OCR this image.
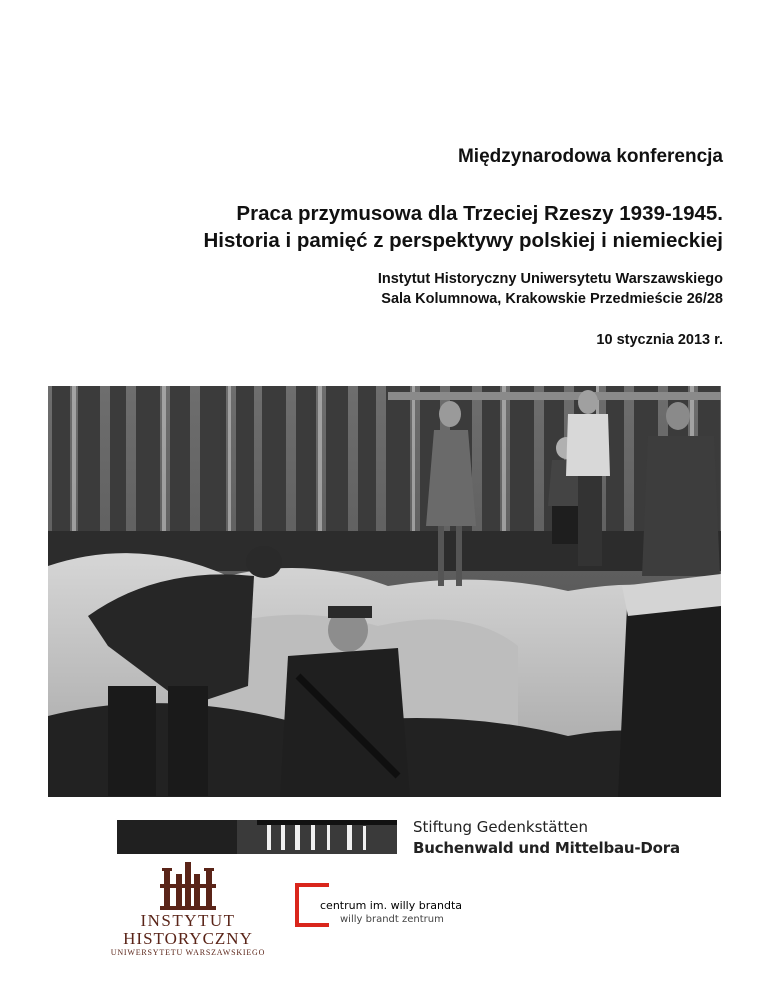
Międzynarodowa konferencja
Praca przymusowa dla Trzeciej Rzeszy 1939-1945.
Historia i pamięć z perspektywy polskiej i niemieckiej
Instytut Historyczny Uniwersytetu Warszawskiego
Sala Kolumnowa, Krakowskie Przedmieście 26/28
10 stycznia 2013 r.
Stiftung Gedenkstätten
Buchenwald und Mittelbau-Dora
INSTYTUT
HISTORYCZNY
UNIWERSYTETU WARSZAWSKIEGO
centrum im. willy brandta
willy brandt zentrum
